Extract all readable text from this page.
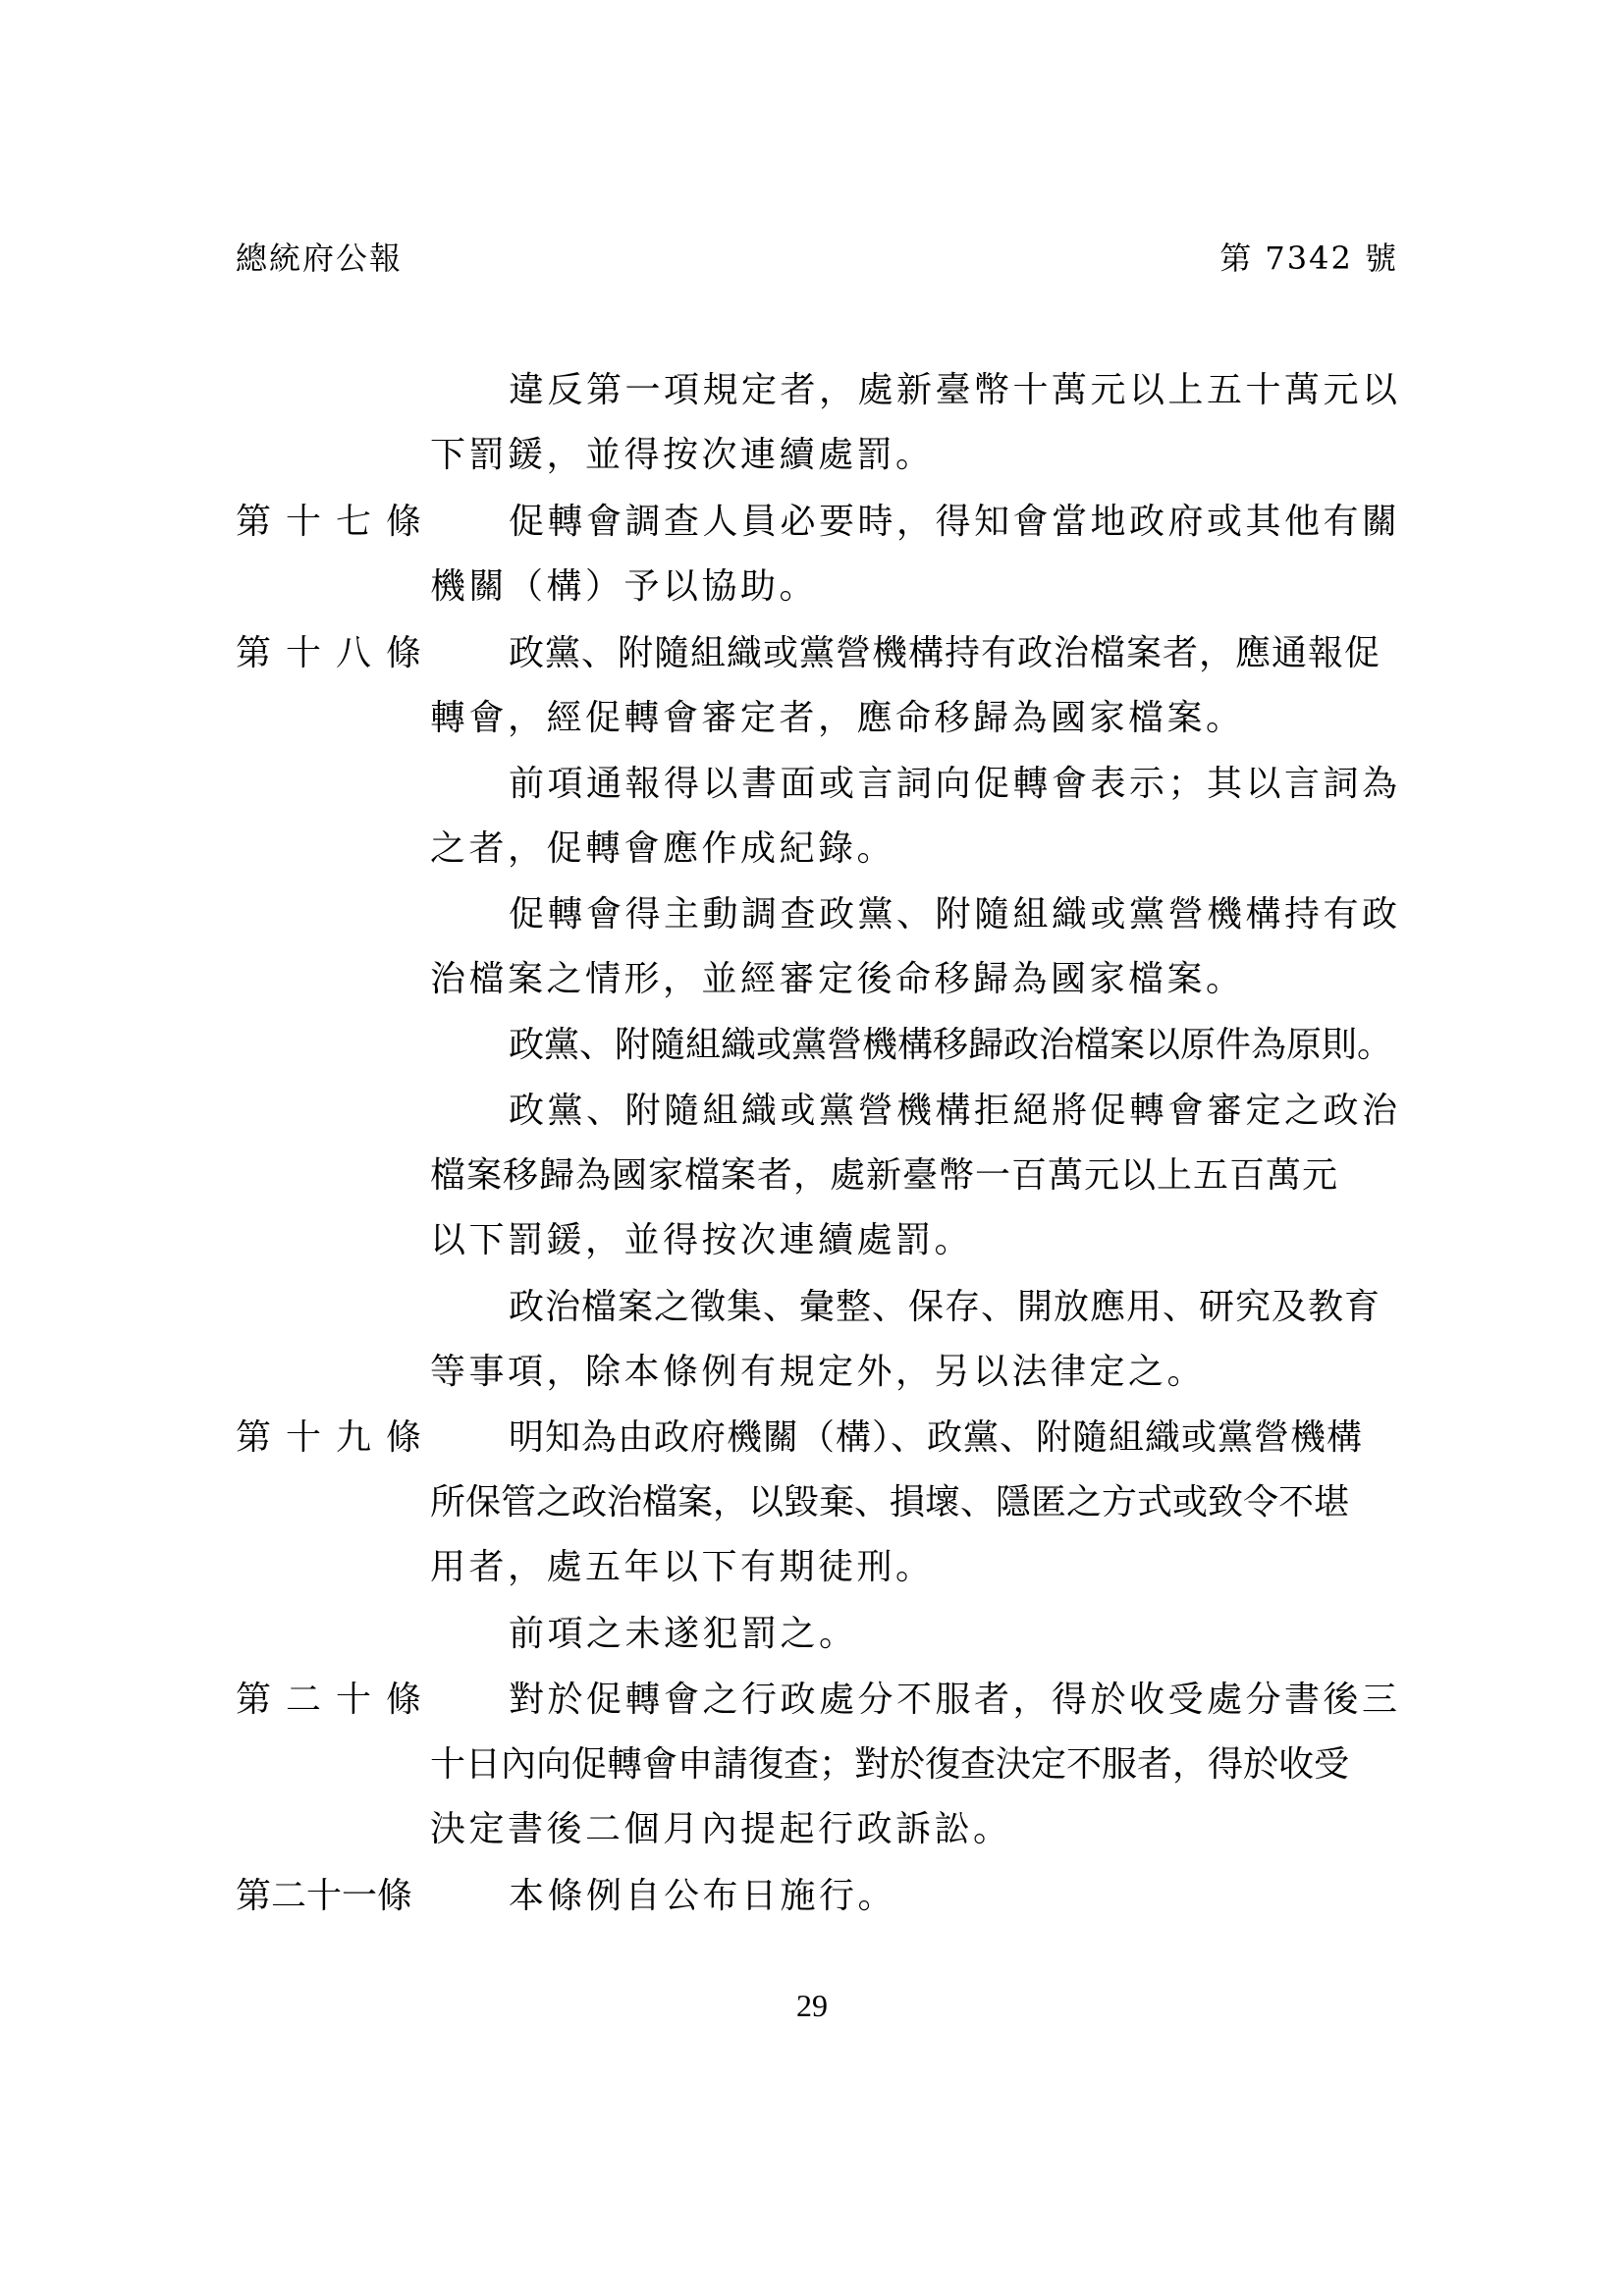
總統府公報	第 7342 號
違反第一項規定者，處新臺幣十萬元以上五十萬元以
下罰鍰，並得按次連續處罰。
第十七條 促轉會調查人員必要時，得知會當地政府或其他有關
機關（構）予以協助。
第十八條 政黨、附隨組織或黨營機構持有政治檔案者，應通報促
轉會，經促轉會審定者，應命移歸為國家檔案。
前項通報得以書面或言詞向促轉會表示；其以言詞為
之者，促轉會應作成紀錄。
促轉會得主動調查政黨、附隨組織或黨營機構持有政
治檔案之情形，並經審定後命移歸為國家檔案。
政黨、附隨組織或黨營機構移歸政治檔案以原件為原則。
政黨、附隨組織或黨營機構拒絕將促轉會審定之政治
檔案移歸為國家檔案者，處新臺幣一百萬元以上五百萬元
以下罰鍰，並得按次連續處罰。
政治檔案之徵集、彙整、保存、開放應用、研究及教育
等事項，除本條例有規定外，另以法律定之。
第十九條 明知為由政府機關（構）、政黨、附隨組織或黨營機構
所保管之政治檔案，以毀棄、損壞、隱匿之方式或致令不堪
用者，處五年以下有期徒刑。
前項之未遂犯罰之。
第二十條 對於促轉會之行政處分不服者，得於收受處分書後三
十日內向促轉會申請復查；對於復查決定不服者，得於收受
決定書後二個月內提起行政訴訟。
第二十一條	本條例自公布日施行。
29
